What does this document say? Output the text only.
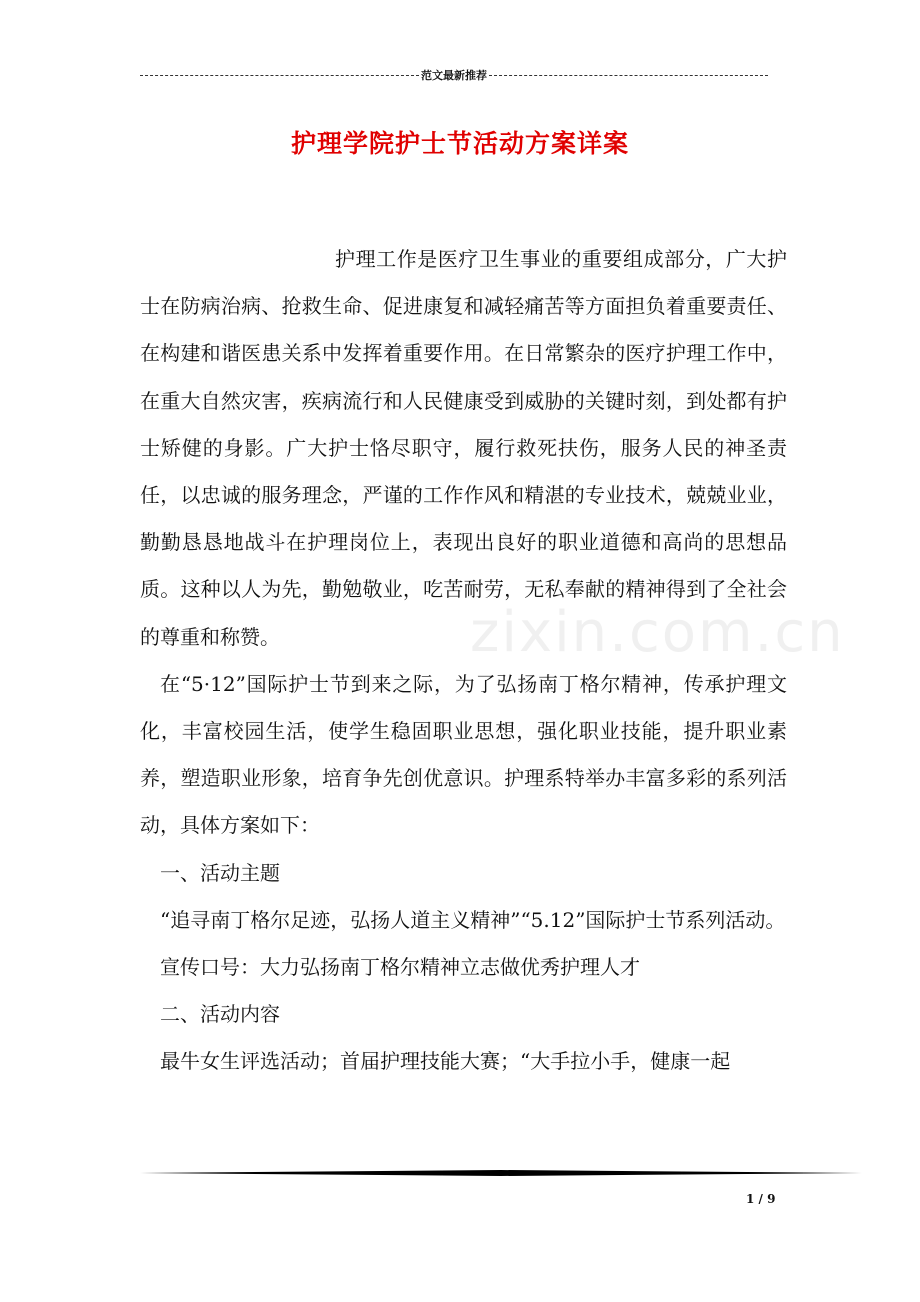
范文最新推荐
护理学院护士节活动方案详案
zixin.com.cn

护理工作是医疗卫生事业的重要组成部分，广大护士在防病治病、抢救生命、促进康复和减轻痛苦等方面担负着重要责任、在构建和谐医患关系中发挥着重要作用。在日常繁杂的医疗护理工作中，在重大自然灾害，疾病流行和人民健康受到威胁的关键时刻，到处都有护士矫健的身影。广大护士恪尽职守，履行救死扶伤，服务人民的神圣责任，以忠诚的服务理念，严谨的工作作风和精湛的专业技术，兢兢业业，勤勤恳恳地战斗在护理岗位上，表现出良好的职业道德和高尚的思想品质。这种以人为先，勤勉敬业，吃苦耐劳，无私奉献的精神得到了全社会的尊重和称赞。

在“5·12”国际护士节到来之际，为了弘扬南丁格尔精神，传承护理文化，丰富校园生活，使学生稳固职业思想，强化职业技能，提升职业素养，塑造职业形象，培育争先创优意识。护理系特举办丰富多彩的系列活动，具体方案如下：

一、活动主题

“追寻南丁格尔足迹，弘扬人道主义精神”“5.12”国际护士节系列活动。

宣传口号：大力弘扬南丁格尔精神立志做优秀护理人才

二、活动内容

最牛女生评选活动；首届护理技能大赛；“大手拉小手，健康一起

1 / 9
